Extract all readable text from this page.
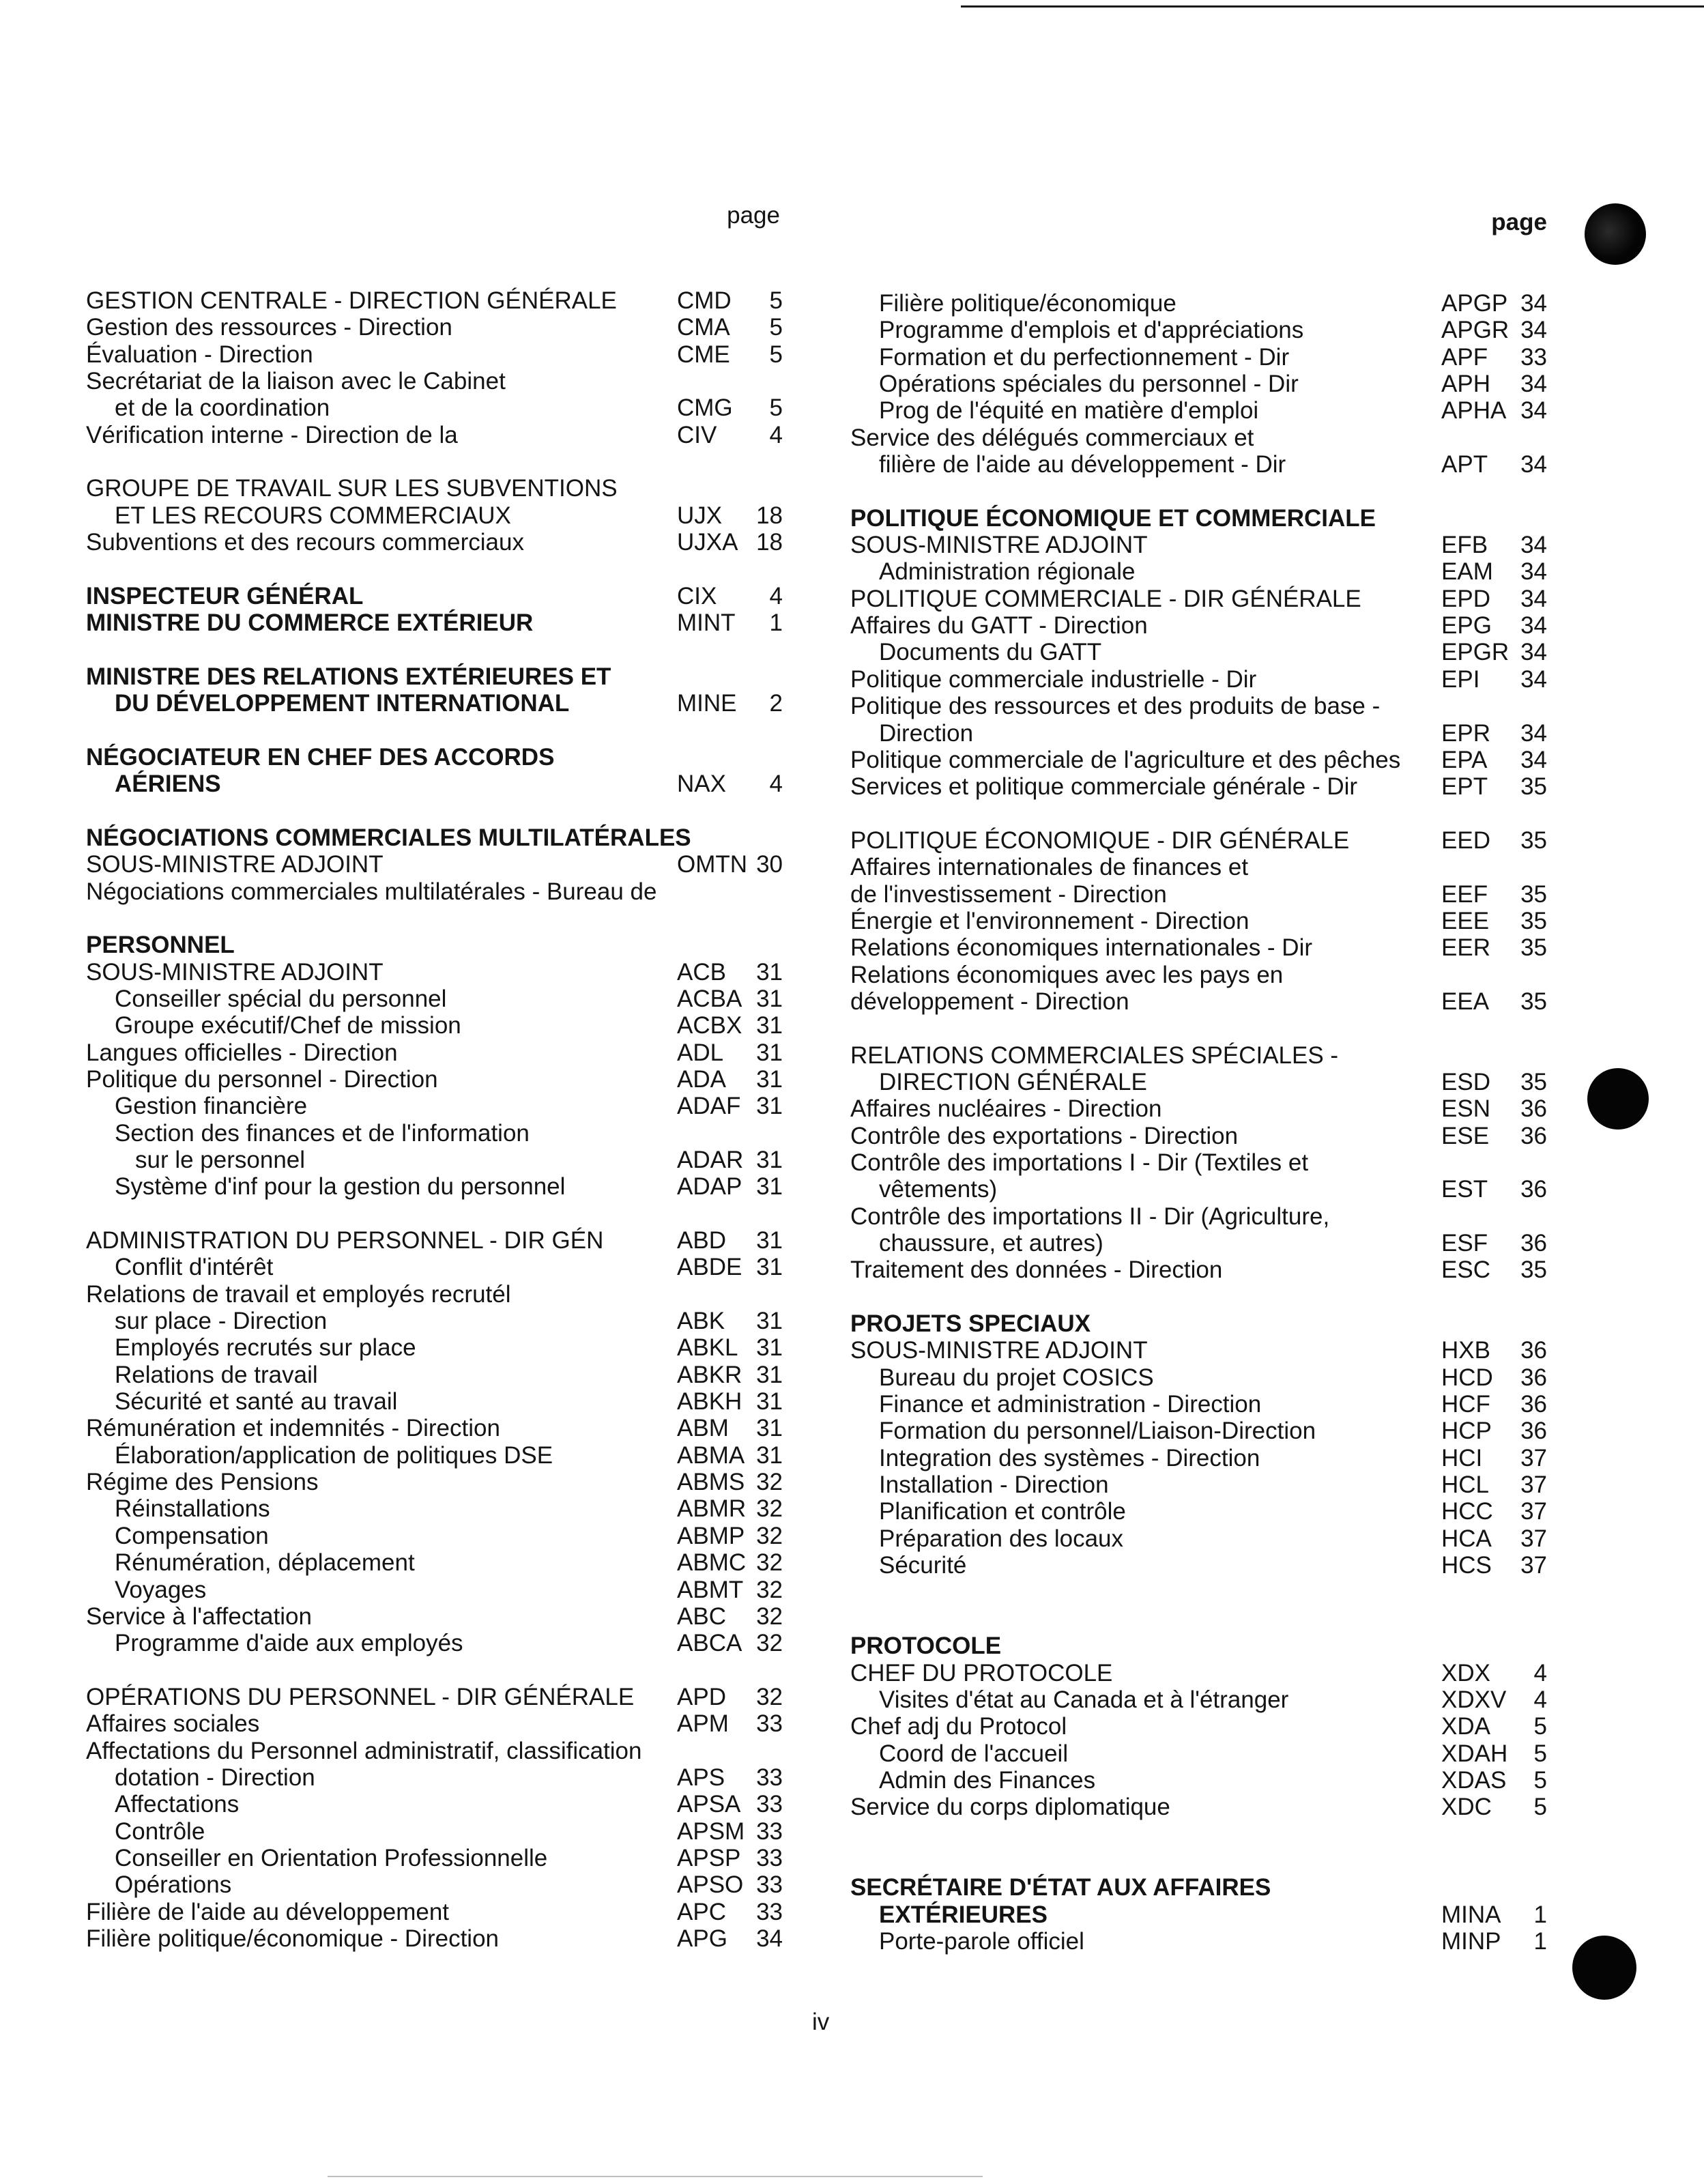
page	page
GESTION CENTRALE - DIRECTION GÉNÉRALE	CMD 5
Gestion des ressources - Direction	CMA 5
Évaluation - Direction	CME 5
Secrétariat de la liaison avec le Cabinet
et de la coordination	CMG 5
Vérification interne - Direction de la	CIV 4
GROUPE DE TRAVAIL SUR LES SUBVENTIONS
ET LES RECOURS COMMERCIAUX	UJX 18
Subventions et des recours commerciaux	UJXA 18
INSPECTEUR GÉNÉRAL	CIX 4
MINISTRE DU COMMERCE EXTÉRIEUR	MINT 1
MINISTRE DES RELATIONS EXTÉRIEURES ET
DU DÉVELOPPEMENT INTERNATIONAL	MINE 2
NÉGOCIATEUR EN CHEF DES ACCORDS
AÉRIENS	NAX 4
NÉGOCIATIONS COMMERCIALES MULTILATÉRALES
SOUS-MINISTRE ADJOINT	OMTN 30
Négociations commerciales multilatérales - Bureau de
PERSONNEL
SOUS-MINISTRE ADJOINT	ACB 31
Conseiller spécial du personnel	ACBA 31
Groupe exécutif/Chef de mission	ACBX 31
Langues officielles - Direction	ADL 31
Politique du personnel - Direction	ADA 31
Gestion financière	ADAF 31
Section des finances et de l'information
sur le personnel	ADAR 31
Système d'inf pour la gestion du personnel	ADAP 31
ADMINISTRATION DU PERSONNEL - DIR GÉN	ABD 31
Conflit d'intérêt	ABDE 31
Relations de travail et employés recrutél
sur place - Direction	ABK 31
Employés recrutés sur place	ABKL 31
Relations de travail	ABKR 31
Sécurité et santé au travail	ABKH 31
Rémunération et indemnités - Direction	ABM 31
Élaboration/application de politiques DSE	ABMA 31
Régime des Pensions	ABMS 32
Réinstallations	ABMR 32
Compensation	ABMP 32
Rénumération, déplacement	ABMC 32
Voyages	ABMT 32
Service à l'affectation	ABC 32
Programme d'aide aux employés	ABCA 32
OPÉRATIONS DU PERSONNEL - DIR GÉNÉRALE APD 32
Affaires sociales	APM 33
Affectations du Personnel administratif, classification
dotation - Direction	APS 33
Affectations	APSA 33
Contrôle	APSM 33
Conseiller en Orientation Professionnelle	APSP 33
Opérations	APSO 33
Filière de l'aide au développement	APC 33
Filière politique/économique - Direction	APG 34
Filière politique/économique	APGP 34
Programme d'emplois et d'appréciations	APGR 34
Formation et du perfectionnement - Dir	APF 33
Opérations spéciales du personnel - Dir	APH 34
Prog de l'équité en matière d'emploi	APHA 34
Service des délégués commerciaux et
filière de l'aide au développement - Dir	APT 34
POLITIQUE ÉCONOMIQUE ET COMMERCIALE
SOUS-MINISTRE ADJOINT	EFB 34
Administration régionale	EAM 34
POLITIQUE COMMERCIALE - DIR GÉNÉRALE	EPD 34
Affaires du GATT - Direction	EPG 34
Documents du GATT	EPGR 34
Politique commerciale industrielle - Dir	EPI 34
Politique des ressources et des produits de base -
Direction	EPR 34
Politique commerciale de l'agriculture et des pêches EPA 34
Services et politique commerciale générale - Dir	EPT 35
POLITIQUE ÉCONOMIQUE - DIR GÉNÉRALE	EED 35
Affaires internationales de finances et
de l'investissement - Direction	EEF 35
Énergie et l'environnement - Direction	EEE 35
Relations économiques internationales - Dir	EER 35
Relations économiques avec les pays en
développement - Direction	EEA 35
RELATIONS COMMERCIALES SPÉCIALES -
DIRECTION GÉNÉRALE	ESD 35
Affaires nucléaires - Direction	ESN 36
Contrôle des exportations - Direction	ESE 36
Contrôle des importations I - Dir (Textiles et
vêtements)	EST 36
Contrôle des importations II - Dir (Agriculture,
chaussure, et autres)	ESF 36
Traitement des données - Direction	ESC 35
PROJETS SPECIAUX
SOUS-MINISTRE ADJOINT	HXB 36
Bureau du projet COSICS	HCD 36
Finance et administration - Direction	HCF 36
Formation du personnel/Liaison-Direction	HCP 36
Integration des systèmes - Direction	HCI 37
Installation - Direction	HCL 37
Planification et contrôle	HCC 37
Préparation des locaux	HCA 37
Sécurité	HCS 37
PROTOCOLE
CHEF DU PROTOCOLE	XDX 4
Visites d'état au Canada et à l'étranger	XDXV 4
Chef adj du Protocol	XDA 5
Coord de l'accueil	XDAH 5
Admin des Finances	XDAS 5
Service du corps diplomatique	XDC 5
SECRÉTAIRE D'ÉTAT AUX AFFAIRES
EXTÉRIEURES	MINA 1
Porte-parole officiel	MINP 1
iv
